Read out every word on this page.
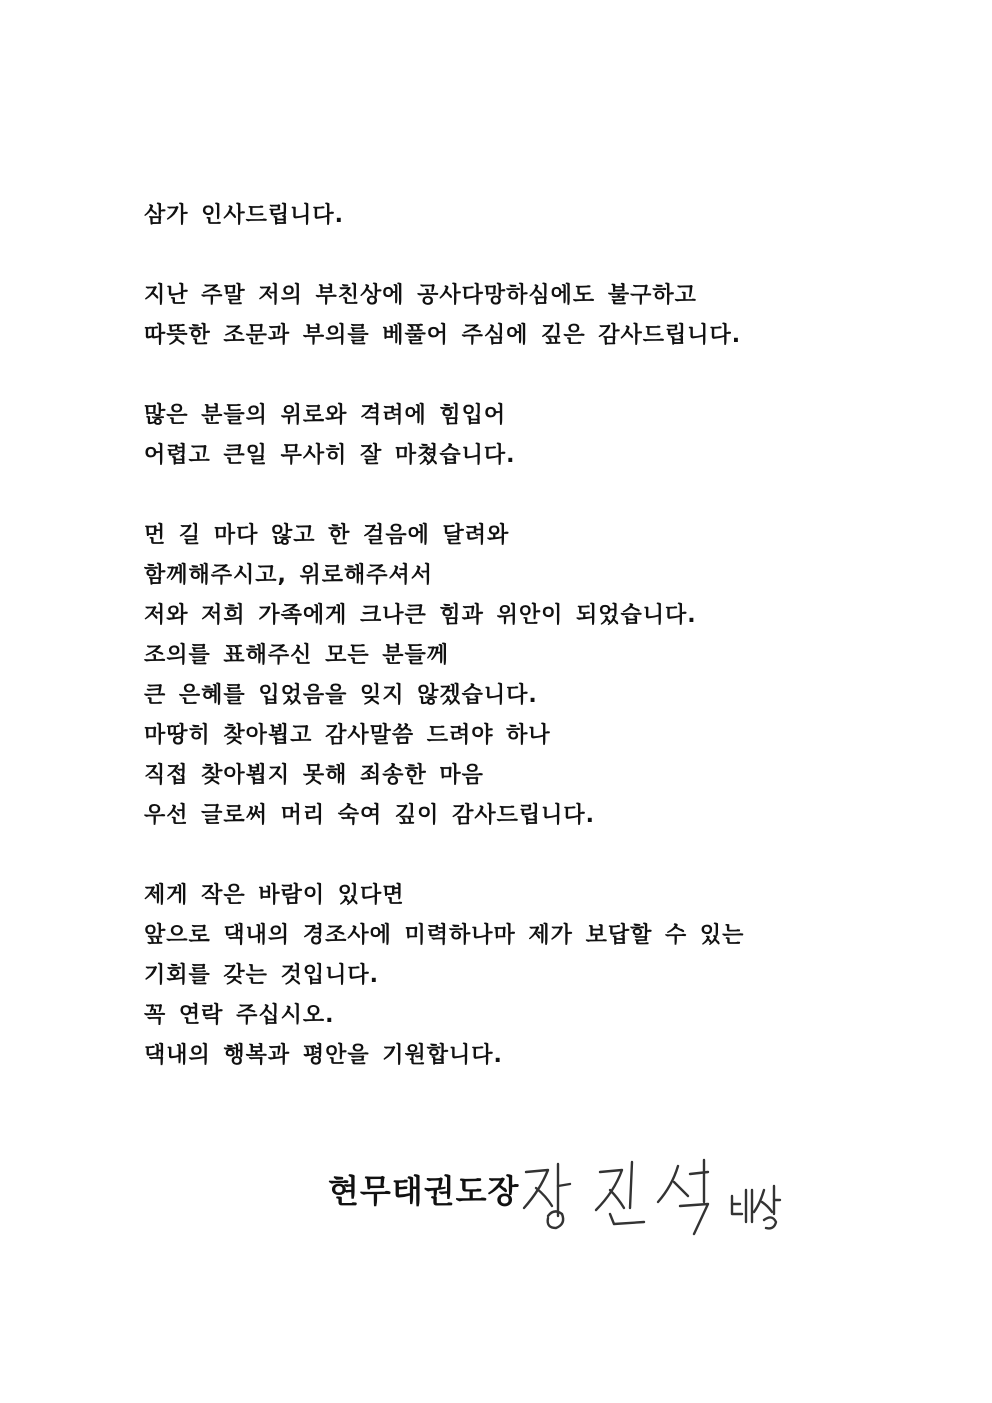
삼가 인사드립니다.
지난 주말 저의 부친상에 공사다망하심에도 불구하고
따뜻한 조문과 부의를 베풀어 주심에 깊은 감사드립니다.
많은 분들의 위로와 격려에 힘입어
어렵고 큰일 무사히 잘 마쳤습니다.
먼 길 마다 않고 한 걸음에 달려와
함께해주시고, 위로해주셔서
저와 저희 가족에게 크나큰 힘과 위안이 되었습니다.
조의를 표해주신 모든 분들께
큰 은혜를 입었음을 잊지 않겠습니다.
마땅히 찾아뵙고 감사말씀 드려야 하나
직접 찾아뵙지 못해 죄송한 마음
우선 글로써 머리 숙여 깊이 감사드립니다.
제게 작은 바람이 있다면
앞으로 댁내의 경조사에 미력하나마 제가 보답할 수 있는
기회를 갖는 것입니다.
꼭 연락 주십시오.
댁내의 행복과 평안을 기원합니다.
현무태권도장
